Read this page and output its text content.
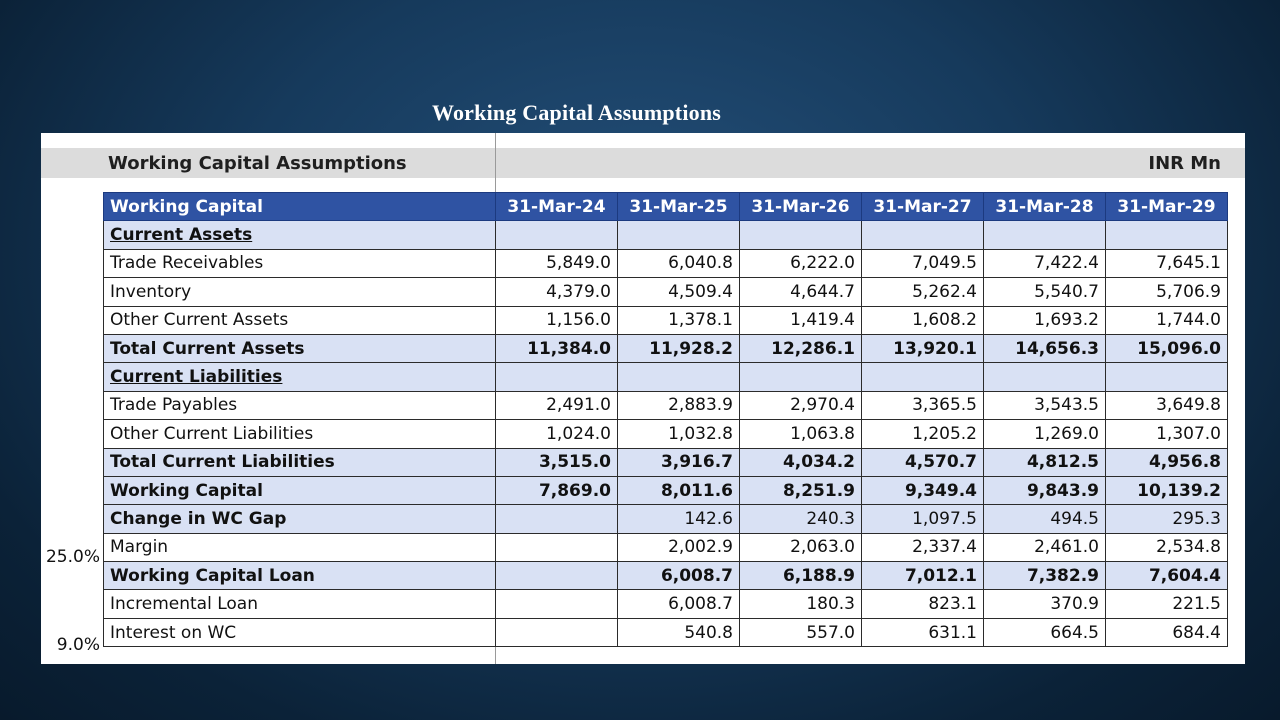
Working Capital Assumptions
Working Capital Assumptions	INR Mn
Working Capital	31-Mar-24	31-Mar-25	31-Mar-26	31-Mar-27	31-Mar-28	31-Mar-29
Current Assets						
Trade Receivables	5,849.0	6,040.8	6,222.0	7,049.5	7,422.4	7,645.1
Inventory	4,379.0	4,509.4	4,644.7	5,262.4	5,540.7	5,706.9
Other Current Assets	1,156.0	1,378.1	1,419.4	1,608.2	1,693.2	1,744.0
Total Current Assets	11,384.0	11,928.2	12,286.1	13,920.1	14,656.3	15,096.0
Current Liabilities						
Trade Payables	2,491.0	2,883.9	2,970.4	3,365.5	3,543.5	3,649.8
Other Current Liabilities	1,024.0	1,032.8	1,063.8	1,205.2	1,269.0	1,307.0
Total Current Liabilities	3,515.0	3,916.7	4,034.2	4,570.7	4,812.5	4,956.8
Working Capital	7,869.0	8,011.6	8,251.9	9,349.4	9,843.9	10,139.2
Change in WC Gap		142.6	240.3	1,097.5	494.5	295.3
Margin		2,002.9	2,063.0	2,337.4	2,461.0	2,534.8
Working Capital Loan		6,008.7	6,188.9	7,012.1	7,382.9	7,604.4
Incremental Loan		6,008.7	180.3	823.1	370.9	221.5
Interest on WC		540.8	557.0	631.1	664.5	684.4
25.0%
9.0%
